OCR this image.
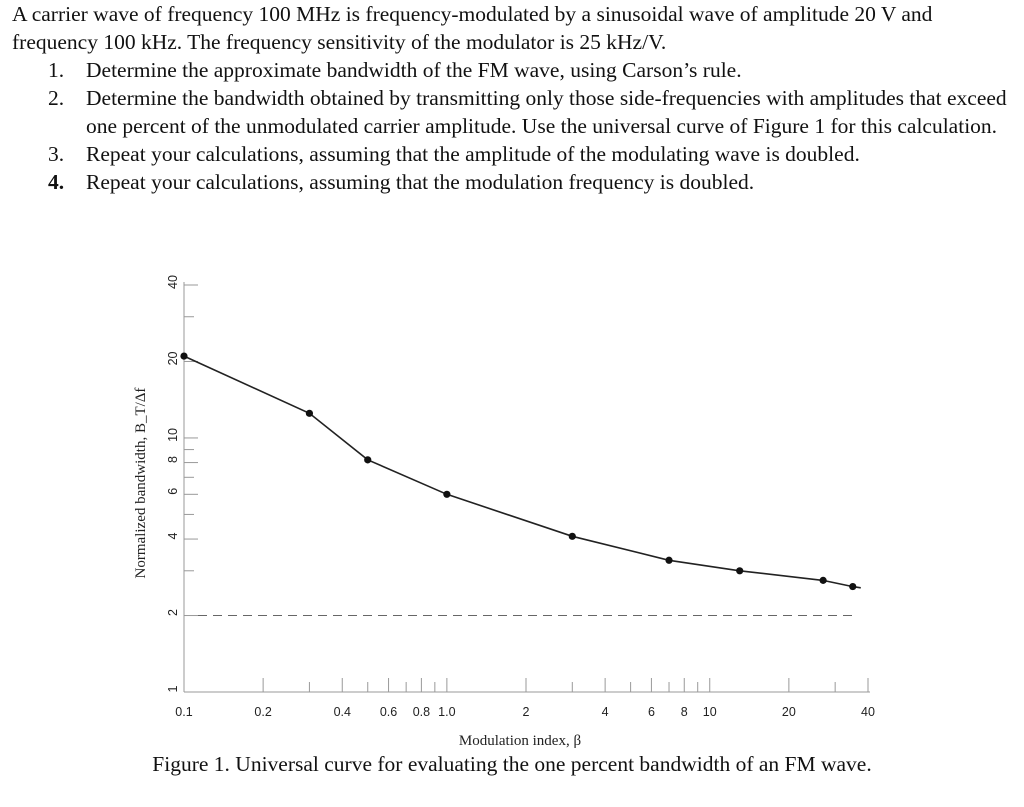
A carrier wave of frequency 100 MHz is frequency-modulated by a sinusoidal wave of amplitude 20 V and frequency 100 kHz. The frequency sensitivity of the modulator is 25 kHz/V.

1. Determine the approximate bandwidth of the FM wave, using Carson’s rule.
2. Determine the bandwidth obtained by transmitting only those side-frequencies with amplitudes that exceed one percent of the unmodulated carrier amplitude. Use the universal curve of Figure 1 for this calculation.
3. Repeat your calculations, assuming that the amplitude of the modulating wave is doubled.
4. Repeat your calculations, assuming that the modulation frequency is doubled.
0.1	0.2	0.4 0.6 0.8 1.0	2	4	6 8 10	20	40
1
2
4
6
8
10
20
40
Modulation index, β
Normalized bandwidth, B_T/Δf
Figure 1. Universal curve for evaluating the one percent bandwidth of an FM wave.
